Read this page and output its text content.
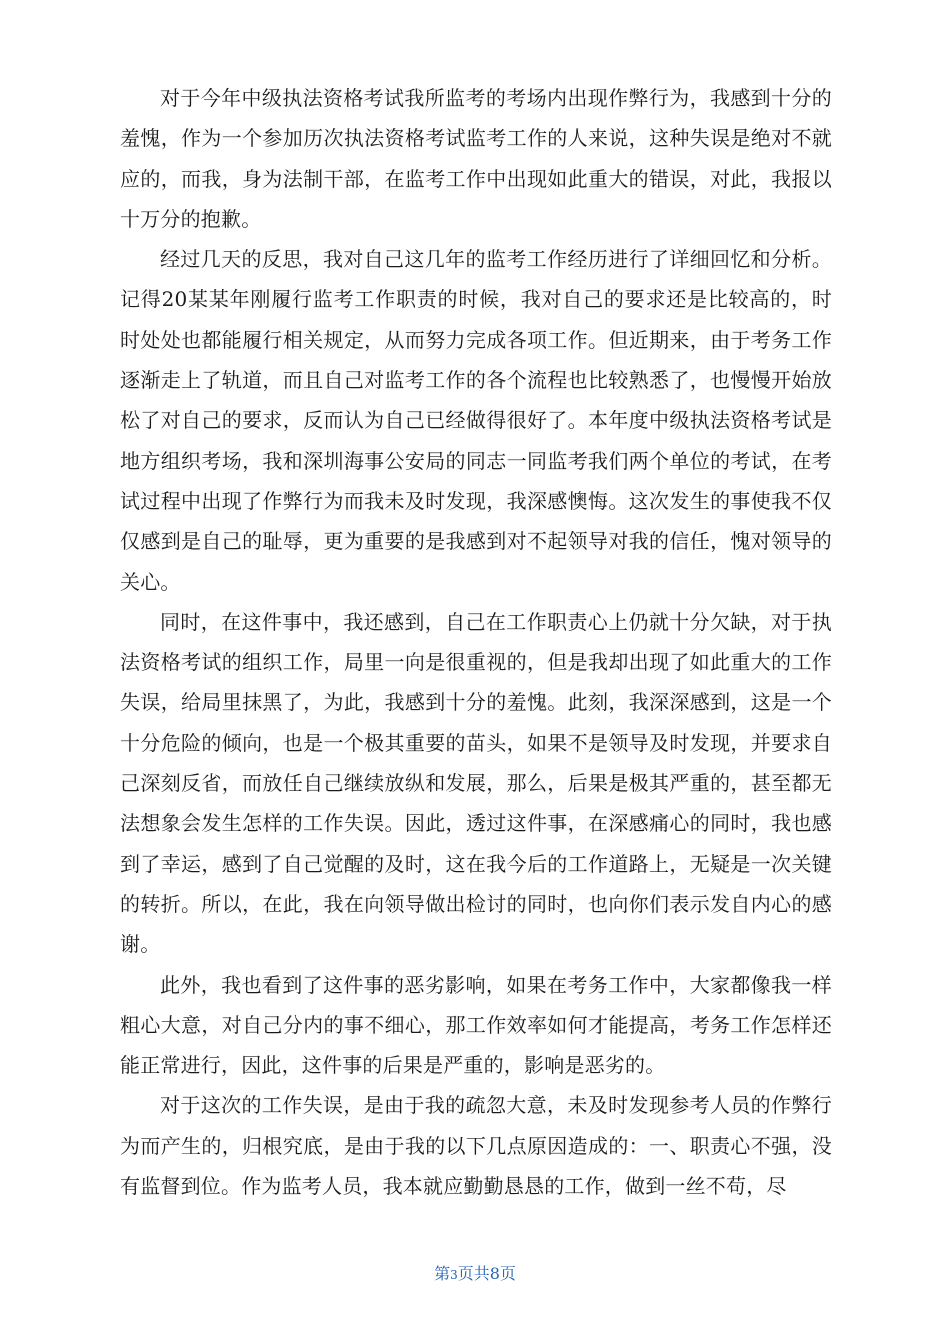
对于今年中级执法资格考试我所监考的考场内出现作弊行为，我感到十分的羞愧，作为一个参加历次执法资格考试监考工作的人来说，这种失误是绝对不就应的，而我，身为法制干部，在监考工作中出现如此重大的错误，对此，我报以十万分的抱歉。

经过几天的反思，我对自己这几年的监考工作经历进行了详细回忆和分析。记得20某某年刚履行监考工作职责的时候，我对自己的要求还是比较高的，时时处处也都能履行相关规定，从而努力完成各项工作。但近期来，由于考务工作逐渐走上了轨道，而且自己对监考工作的各个流程也比较熟悉了，也慢慢开始放松了对自己的要求，反而认为自己已经做得很好了。本年度中级执法资格考试是地方组织考场，我和深圳海事公安局的同志一同监考我们两个单位的考试，在考试过程中出现了作弊行为而我未及时发现，我深感懊悔。这次发生的事使我不仅仅感到是自己的耻辱，更为重要的是我感到对不起领导对我的信任，愧对领导的关心。

同时，在这件事中，我还感到，自己在工作职责心上仍就十分欠缺，对于执法资格考试的组织工作，局里一向是很重视的，但是我却出现了如此重大的工作失误，给局里抹黑了，为此，我感到十分的羞愧。此刻，我深深感到，这是一个十分危险的倾向，也是一个极其重要的苗头，如果不是领导及时发现，并要求自己深刻反省，而放任自己继续放纵和发展，那么，后果是极其严重的，甚至都无法想象会发生怎样的工作失误。因此，透过这件事，在深感痛心的同时，我也感到了幸运，感到了自己觉醒的及时，这在我今后的工作道路上，无疑是一次关键的转折。所以，在此，我在向领导做出检讨的同时，也向你们表示发自内心的感谢。

此外，我也看到了这件事的恶劣影响，如果在考务工作中，大家都像我一样粗心大意，对自己分内的事不细心，那工作效率如何才能提高，考务工作怎样还能正常进行，因此，这件事的后果是严重的，影响是恶劣的。

对于这次的工作失误，是由于我的疏忽大意，未及时发现参考人员的作弊行为而产生的，归根究底，是由于我的以下几点原因造成的：一、职责心不强，没有监督到位。作为监考人员，我本就应勤勤恳恳的工作，做到一丝不苟，尽

第3页共8页
